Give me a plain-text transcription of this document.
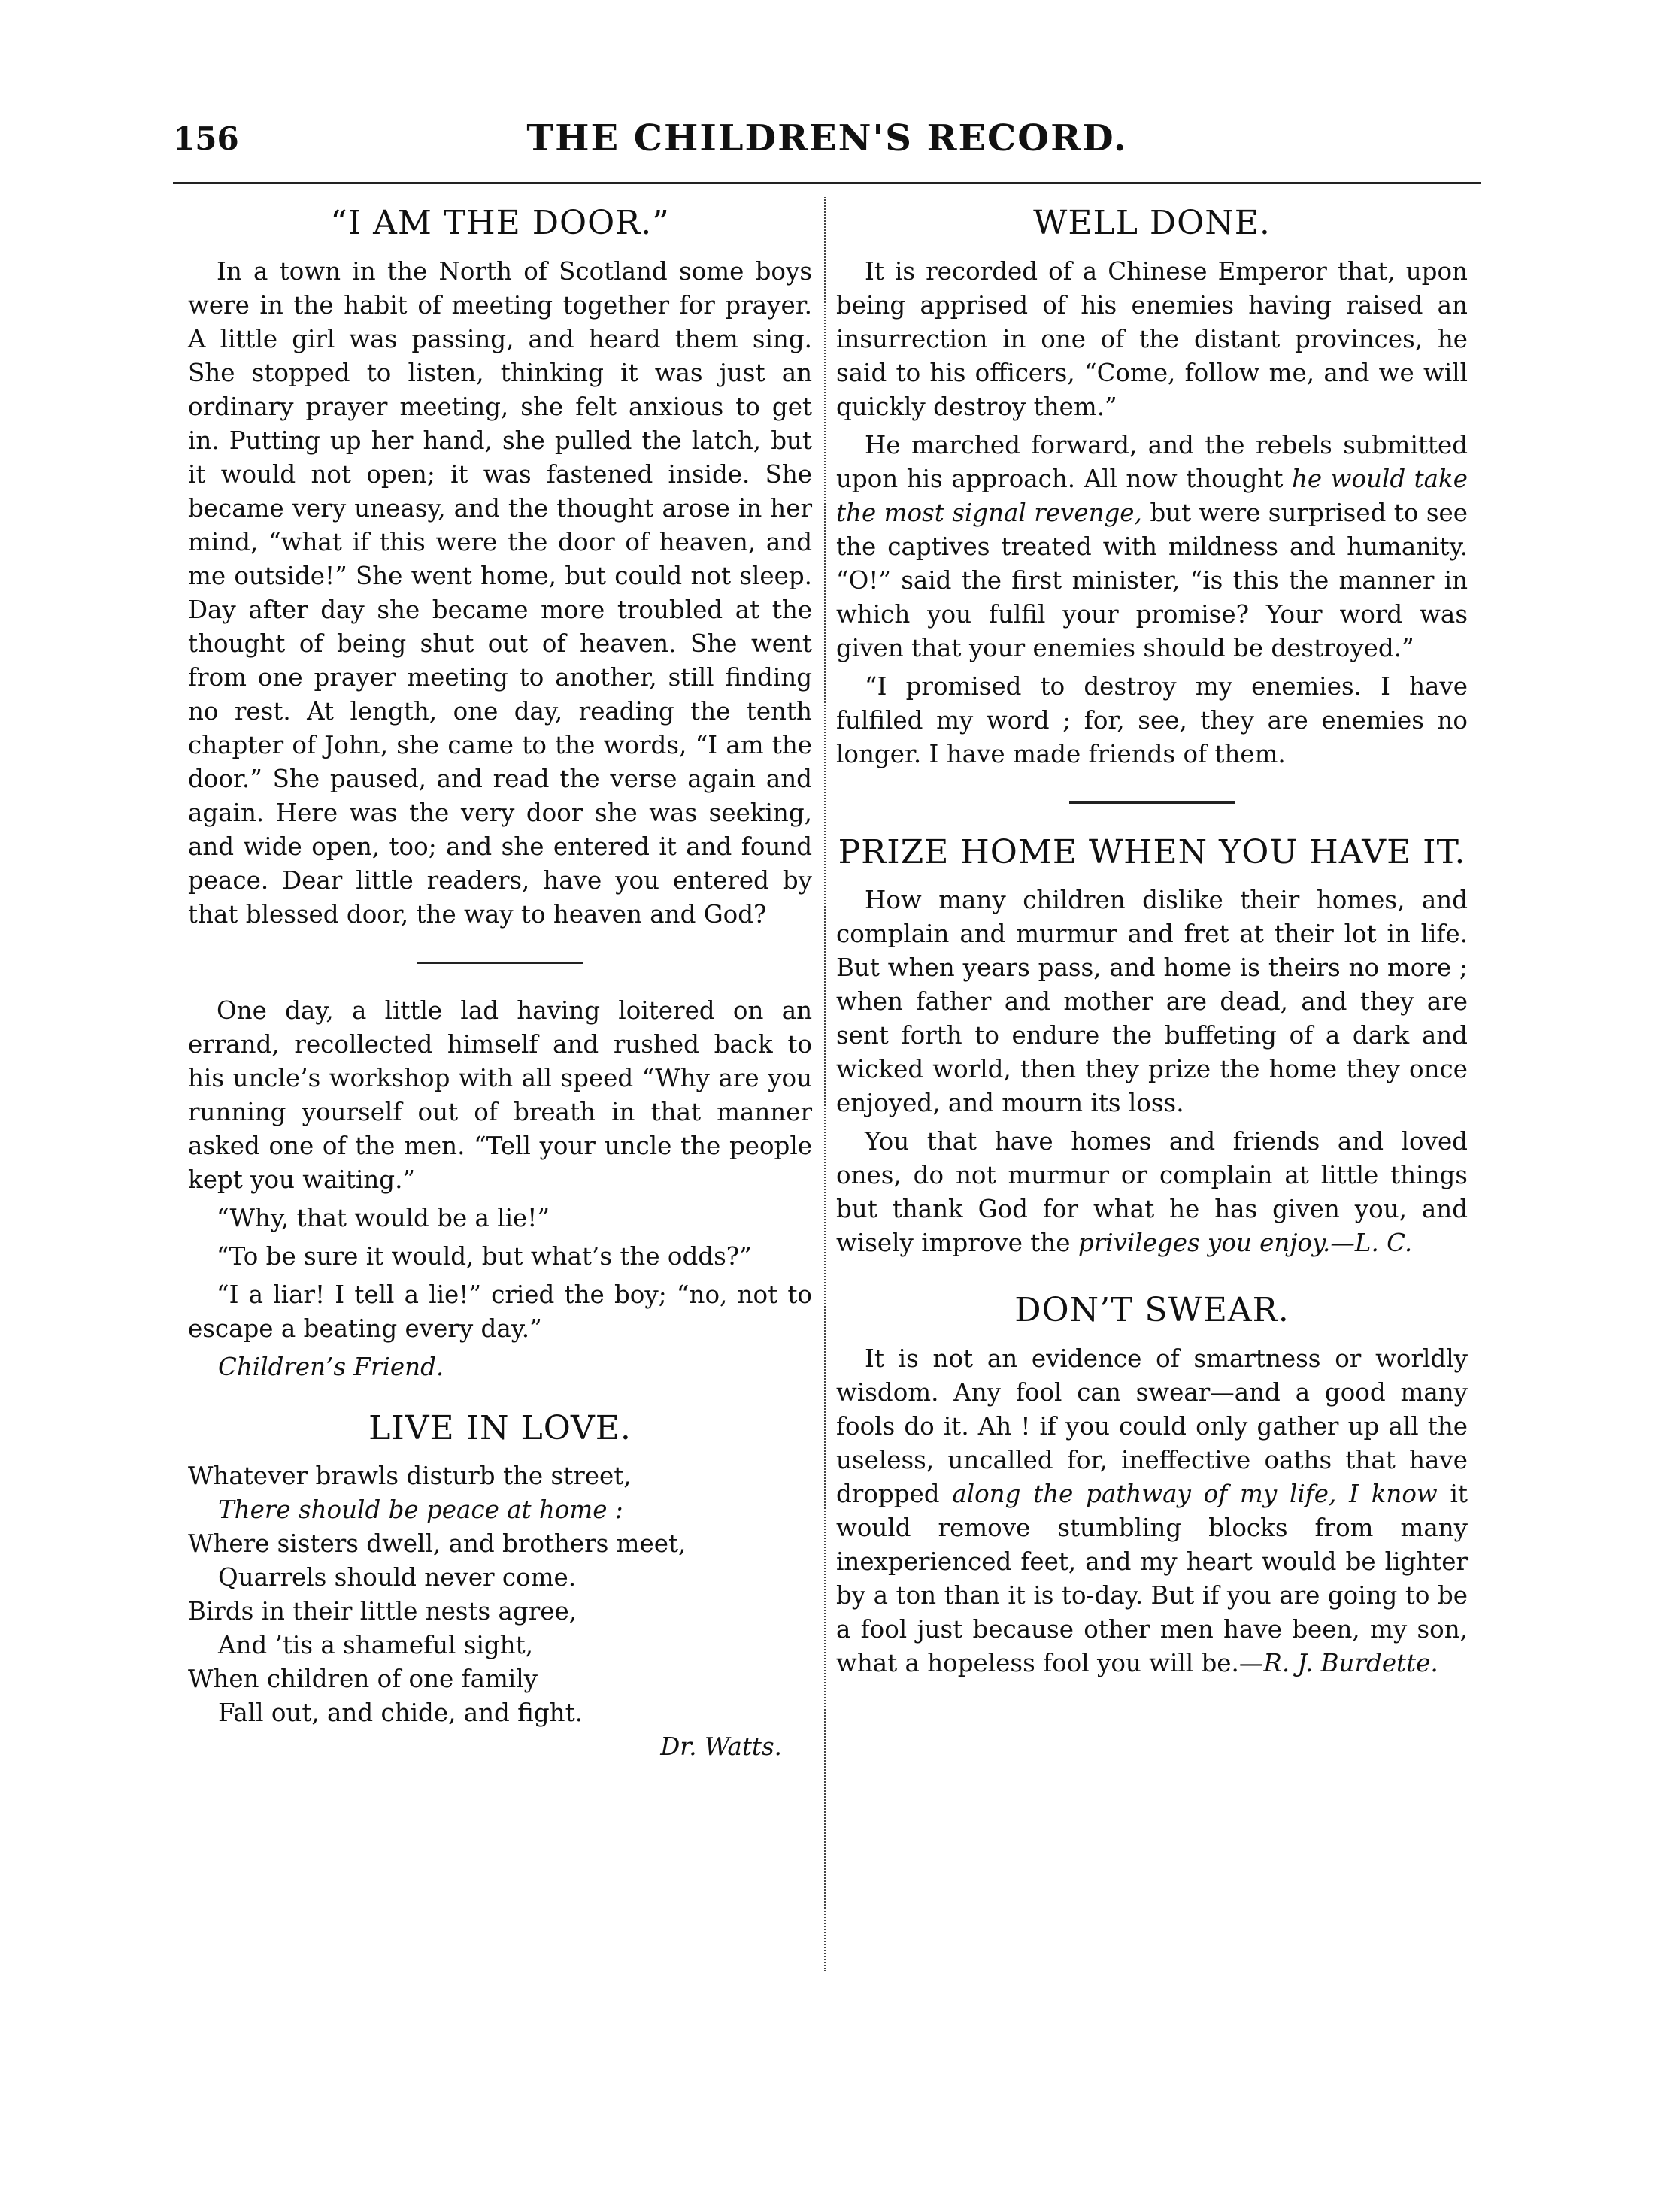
156	THE CHILDREN'S RECORD.
“I AM THE DOOR.”

In a town in the North of Scotland some boys were in the habit of meeting together for prayer. A little girl was passing, and heard them sing. She stopped to listen, thinking it was just an ordinary prayer meeting, she felt anxious to get in. Putting up her hand, she pulled the latch, but it would not open; it was fastened inside. She became very uneasy, and the thought arose in her mind, “what if this were the door of heaven, and me outside!” She went home, but could not sleep. Day after day she became more troubled at the thought of being shut out of heaven. She went from one prayer meeting to another, still finding no rest. At length, one day, reading the tenth chapter of John, she came to the words, “I am the door.” She paused, and read the verse again and again. Here was the very door she was seeking, and wide open, too; and she entered it and found peace. Dear little readers, have you entered by that blessed door, the way to heaven and God?

One day, a little lad having loitered on an errand, recollected himself and rushed back to his uncle’s workshop with all speed “Why are you running yourself out of breath in that manner asked one of the men. “Tell your uncle the people kept you waiting.”

“Why, that would be a lie!”

“To be sure it would, but what’s the odds?”

“I a liar! I tell a lie!” cried the boy; “no, not to escape a beating every day.”

Children’s Friend.
LIVE IN LOVE.
Whatever brawls disturb the street,
There should be peace at home :
Where sisters dwell, and brothers meet,
Quarrels should never come.
Birds in their little nests agree,
And ’tis a shameful sight,
When children of one family
Fall out, and chide, and fight.
Dr. Watts.
WELL DONE.

It is recorded of a Chinese Emperor that, upon being apprised of his enemies having raised an insurrection in one of the distant provinces, he said to his officers, “Come, follow me, and we will quickly destroy them.”

He marched forward, and the rebels submitted upon his approach. All now thought he would take the most signal revenge, but were surprised to see the captives treated with mildness and humanity. “O!” said the first minister, “is this the manner in which you fulfil your promise? Your word was given that your enemies should be destroyed.”

“I promised to destroy my enemies. I have fulfiled my word ; for, see, they are enemies no longer. I have made friends of them.

PRIZE HOME WHEN YOU HAVE IT.

How many children dislike their homes, and complain and murmur and fret at their lot in life. But when years pass, and home is theirs no more ; when father and mother are dead, and they are sent forth to endure the buffeting of a dark and wicked world, then they prize the home they once enjoyed, and mourn its loss.

You that have homes and friends and loved ones, do not murmur or complain at little things but thank God for what he has given you, and wisely improve the privileges you enjoy.—L. C.

DON’T SWEAR.

It is not an evidence of smartness or worldly wisdom. Any fool can swear—and a good many fools do it. Ah ! if you could only gather up all the useless, uncalled for, ineffective oaths that have dropped along the pathway of my life, I know it would remove stumbling blocks from many inexperienced feet, and my heart would be lighter by a ton than it is to-day. But if you are going to be a fool just because other men have been, my son, what a hopeless fool you will be.—R. J. Burdette.
